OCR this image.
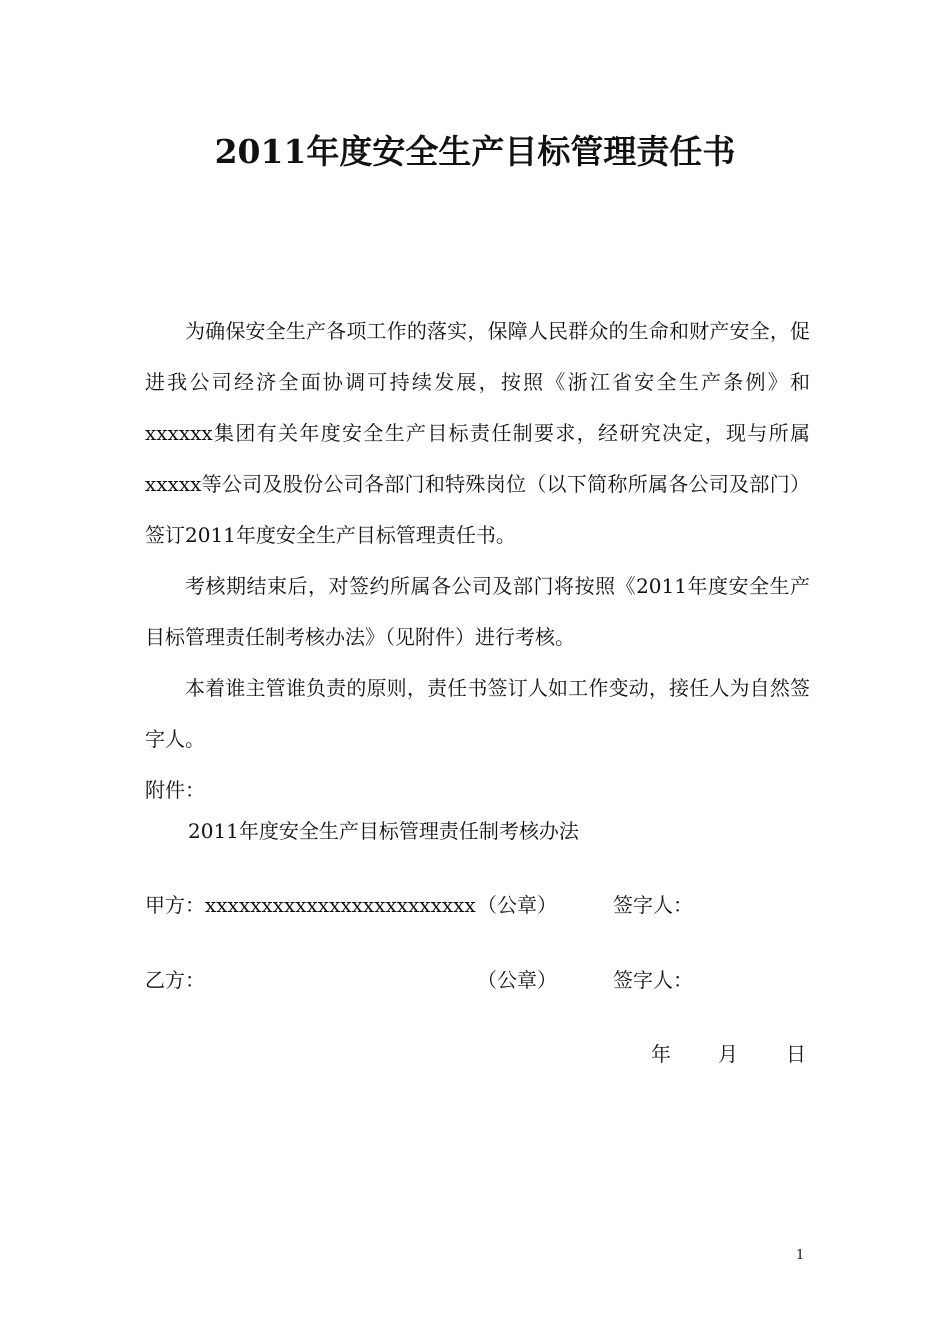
2011年度安全生产目标管理责任书

为确保安全生产各项工作的落实，保障人民群众的生命和财产安全，促进我公司经济全面协调可持续发展，按照《浙江省安全生产条例》和xxxxxx集团有关年度安全生产目标责任制要求，经研究决定，现与所属xxxxx等公司及股份公司各部门和特殊岗位（以下简称所属各公司及部门）签订2011年度安全生产目标管理责任书。

考核期结束后，对签约所属各公司及部门将按照《2011年度安全生产目标管理责任制考核办法》（见附件）进行考核。

本着谁主管谁负责的原则，责任书签订人如工作变动，接任人为自然签字人。

附件：

2011年度安全生产目标管理责任制考核办法

甲方：xxxxxxxxxxxxxxxxxxxxxxxx （公章）	签字人：
乙方：	（公章）	签字人：
年 月 日
1
